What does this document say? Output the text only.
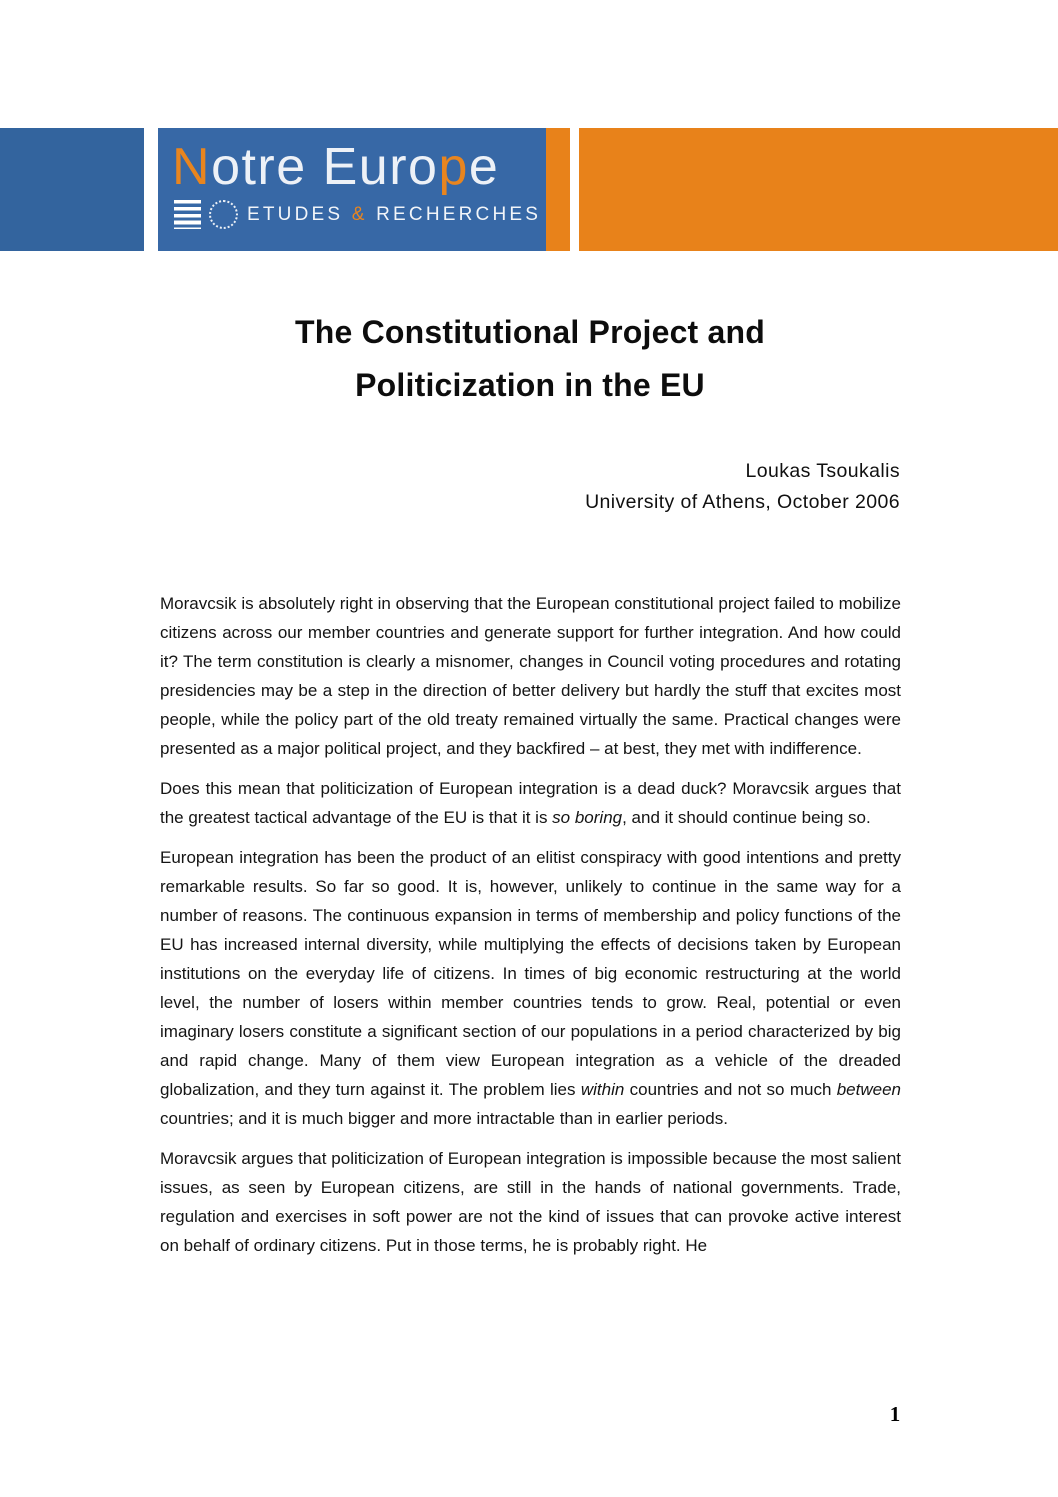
Notre Europe
ETUDES & RECHERCHES
The Constitutional Project and
Politicization in the EU
Loukas Tsoukalis
University of Athens, October 2006

Moravcsik is absolutely right in observing that the European constitutional project failed to mobilize citizens across our member countries and generate support for further integration. And how could it? The term constitution is clearly a misnomer, changes in Council voting procedures and rotating presidencies may be a step in the direction of better delivery but hardly the stuff that excites most people, while the policy part of the old treaty remained virtually the same. Practical changes were presented as a major political project, and they backfired – at best, they met with indifference.

Does this mean that politicization of European integration is a dead duck? Moravcsik argues that the greatest tactical advantage of the EU is that it is so boring, and it should continue being so.

European integration has been the product of an elitist conspiracy with good intentions and pretty remarkable results. So far so good. It is, however, unlikely to continue in the same way for a number of reasons. The continuous expansion in terms of membership and policy functions of the EU has increased internal diversity, while multiplying the effects of decisions taken by European institutions on the everyday life of citizens. In times of big economic restructuring at the world level, the number of losers within member countries tends to grow. Real, potential or even imaginary losers constitute a significant section of our populations in a period characterized by big and rapid change. Many of them view European integration as a vehicle of the dreaded globalization, and they turn against it. The problem lies within countries and not so much between countries; and it is much bigger and more intractable than in earlier periods.

Moravcsik argues that politicization of European integration is impossible because the most salient issues, as seen by European citizens, are still in the hands of national governments. Trade, regulation and exercises in soft power are not the kind of issues that can provoke active interest on behalf of ordinary citizens. Put in those terms, he is probably right. He

1
